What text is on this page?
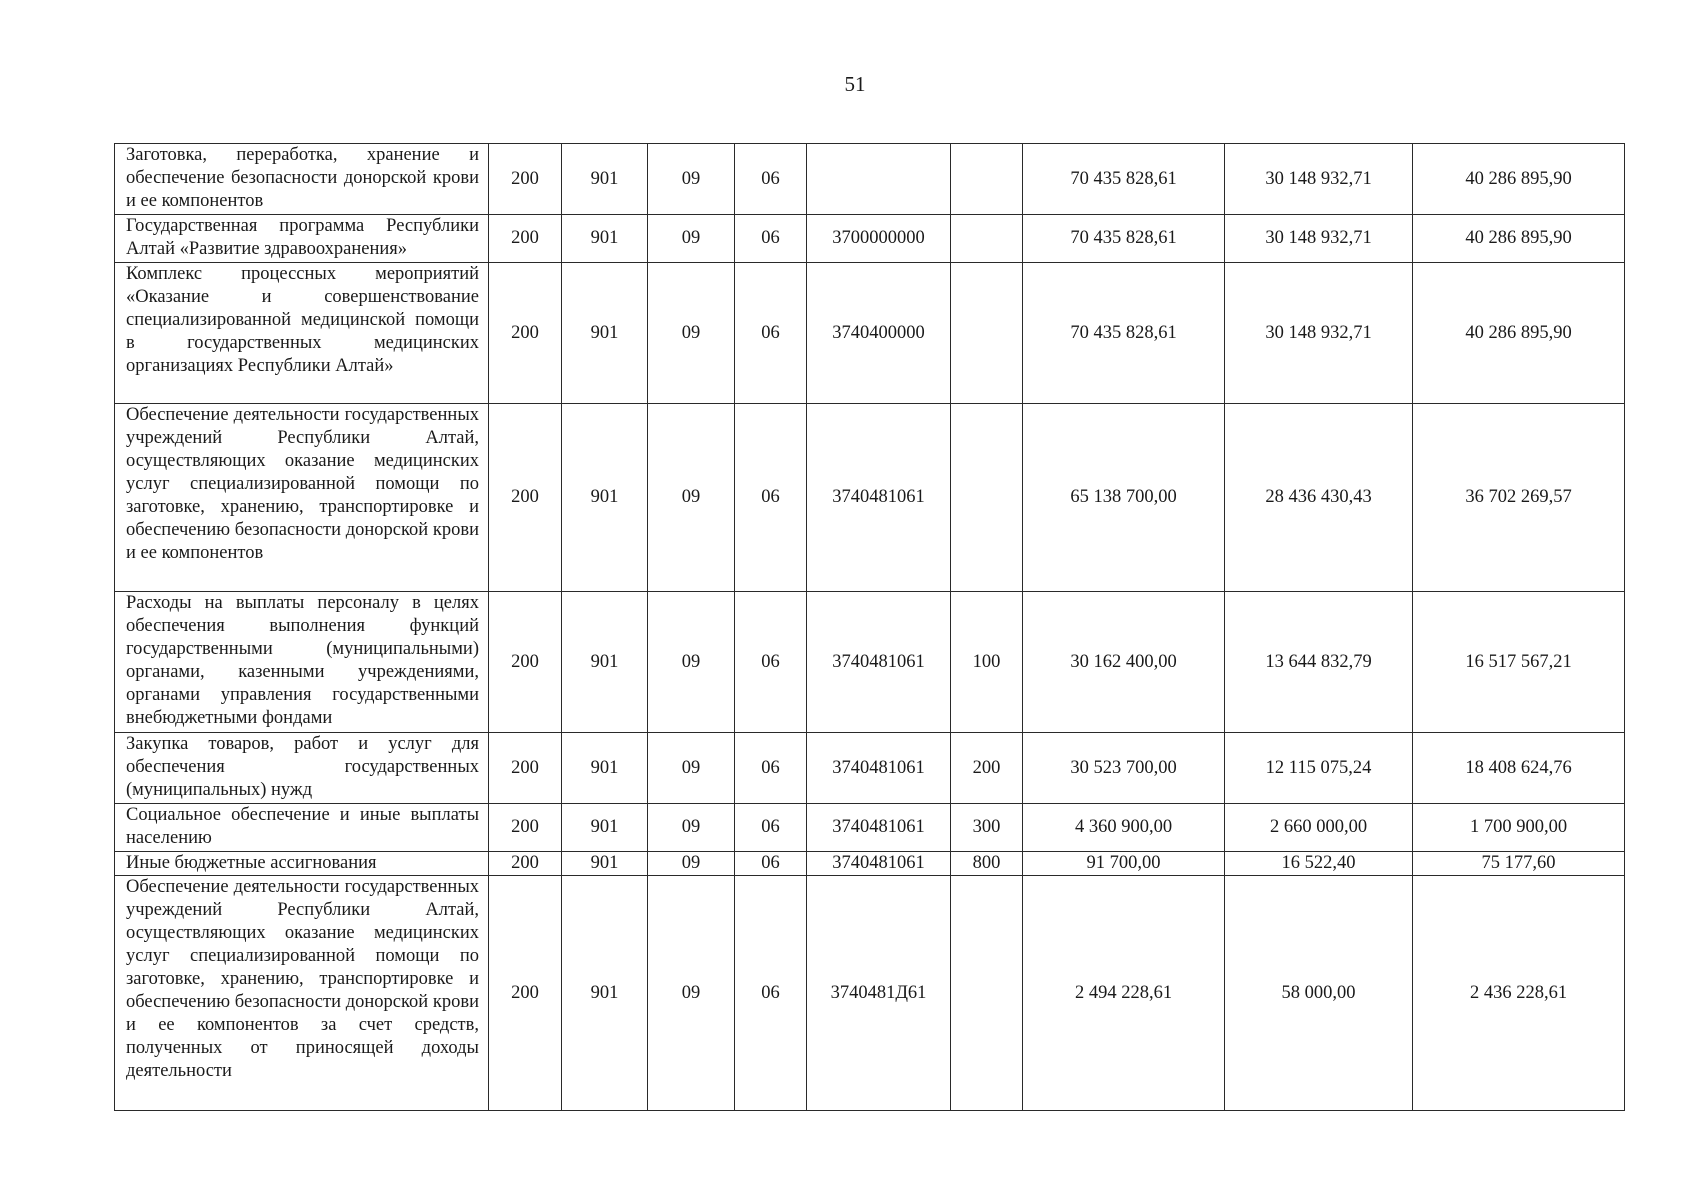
51
Заготовка, переработка, хранение и обеспечение безопасности донорской крови и ее компонентов	200	901	09	06			70 435 828,61	30 148 932,71	40 286 895,90
Государственная программа Республики Алтай «Развитие здравоохранения»	200	901	09	06	3700000000		70 435 828,61	30 148 932,71	40 286 895,90
Комплекс процессных мероприятий «Оказание и совершенствование специализированной медицинской помощи в государственных медицинских организациях Республики Алтай»	200	901	09	06	3740400000		70 435 828,61	30 148 932,71	40 286 895,90
Обеспечение деятельности государственных учреждений Республики Алтай, осуществляющих оказание медицинских услуг специализированной помощи по заготовке, хранению, транспортировке и обеспечению безопасности донорской крови и ее компонентов	200	901	09	06	3740481061		65 138 700,00	28 436 430,43	36 702 269,57
Расходы на выплаты персоналу в целях обеспечения выполнения функций государственными (муниципальными) органами, казенными учреждениями, органами управления государственными внебюджетными фондами	200	901	09	06	3740481061	100	30 162 400,00	13 644 832,79	16 517 567,21
Закупка товаров, работ и услуг для обеспечения государственных (муниципальных) нужд	200	901	09	06	3740481061	200	30 523 700,00	12 115 075,24	18 408 624,76
Социальное обеспечение и иные выплаты населению	200	901	09	06	3740481061	300	4 360 900,00	2 660 000,00	1 700 900,00
Иные бюджетные ассигнования	200	901	09	06	3740481061	800	91 700,00	16 522,40	75 177,60
Обеспечение деятельности государственных учреждений Республики Алтай, осуществляющих оказание медицинских услуг специализированной помощи по заготовке, хранению, транспортировке и обеспечению безопасности донорской крови и ее компонентов за счет средств, полученных от приносящей доходы деятельности	200	901	09	06	3740481Д61		2 494 228,61	58 000,00	2 436 228,61
